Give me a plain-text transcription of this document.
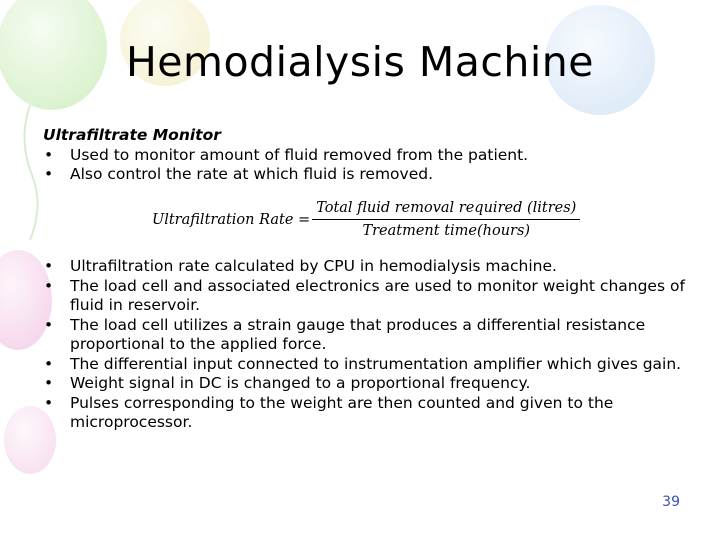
Hemodialysis Machine
Ultrafiltrate Monitor
• Used to monitor amount of fluid removed from the patient.
• Also control the rate at which fluid is removed.
Ultrafiltration Rate = $\frac{\text{Total fluid removal required (litres)}}{\text{Treatment time(hours)}}$
• Ultrafiltration rate calculated by CPU in hemodialysis machine.
• The load cell and associated electronics are used to monitor weight changes of fluid in reservoir.
• The load cell utilizes a strain gauge that produces a differential resistance proportional to the applied force.
• The differential input connected to instrumentation amplifier which gives gain.
• Weight signal in DC is changed to a proportional frequency.
• Pulses corresponding to the weight are then counted and given to the microprocessor.
39
